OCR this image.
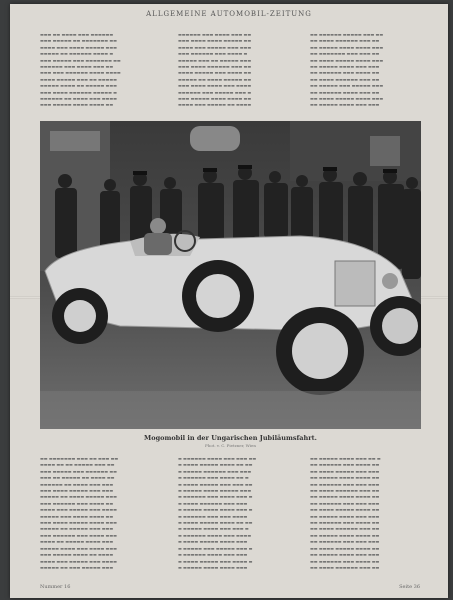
ALLGEMEINE AUTOMOBIL-ZEITUNG

▬▬▬ ▬▬ ▬▬▬▬ ▬▬▬ ▬▬▬▬▬▬

▬▬▬ ▬▬▬▬▬ ▬▬ ▬▬▬▬▬▬▬ ▬▬

▬▬▬▬ ▬▬▬ ▬▬▬▬ ▬▬▬▬▬ ▬▬▬

▬▬▬▬▬ ▬▬ ▬▬▬▬▬▬ ▬▬▬▬ ▬

▬▬▬ ▬▬▬▬▬ ▬▬▬ ▬▬▬▬▬▬▬ ▬▬

▬▬▬▬▬▬ ▬▬▬ ▬▬▬▬ ▬▬▬ ▬▬

▬▬▬ ▬▬▬ ▬▬▬▬▬▬ ▬▬▬▬ ▬▬▬▬

▬▬▬▬ ▬▬▬▬▬ ▬▬▬ ▬▬ ▬▬▬▬▬

▬▬▬▬▬ ▬▬▬▬ ▬▬ ▬▬▬▬▬ ▬▬▬

▬▬▬ ▬▬▬▬ ▬▬▬▬▬▬ ▬▬▬▬▬ ▬

▬▬▬▬▬▬ ▬▬ ▬▬▬▬ ▬▬▬ ▬▬▬▬

▬▬▬ ▬▬▬▬▬ ▬▬▬▬ ▬▬▬▬ ▬▬

▬▬▬▬▬▬ ▬▬▬ ▬▬▬▬ ▬▬▬ ▬▬

▬▬▬ ▬▬▬▬ ▬▬▬▬ ▬▬▬▬▬ ▬▬

▬▬▬▬ ▬▬▬ ▬▬▬▬▬ ▬▬▬ ▬▬▬

▬▬▬ ▬▬▬▬▬▬ ▬▬▬ ▬▬▬▬ ▬

▬▬▬▬▬ ▬▬▬ ▬▬ ▬▬▬▬▬ ▬▬▬

▬▬▬ ▬▬▬▬ ▬▬▬▬▬▬ ▬▬▬ ▬▬

▬▬▬▬ ▬▬▬▬▬ ▬▬▬ ▬▬▬▬ ▬▬

▬▬▬▬▬ ▬▬ ▬▬▬▬ ▬▬▬▬▬ ▬▬

▬▬▬ ▬▬▬▬ ▬▬▬▬ ▬▬▬ ▬▬▬▬

▬▬▬▬▬▬ ▬▬▬ ▬▬▬▬▬ ▬▬▬ ▬

▬▬▬ ▬▬▬▬▬ ▬▬▬▬ ▬▬▬▬ ▬▬

▬▬▬▬ ▬▬▬ ▬▬▬▬▬ ▬▬ ▬▬▬▬

▬▬ ▬▬▬▬▬▬ ▬▬▬▬▬ ▬▬▬ ▬▬

▬▬ ▬▬▬▬ ▬▬▬▬▬▬ ▬▬▬ ▬▬

▬▬ ▬▬▬▬▬ ▬▬▬▬ ▬▬▬▬ ▬▬▬

▬▬ ▬▬▬▬▬▬▬ ▬▬▬ ▬▬▬ ▬▬

▬▬ ▬▬▬▬ ▬▬▬▬▬ ▬▬▬▬ ▬▬▬

▬▬ ▬▬▬▬▬ ▬▬▬▬ ▬▬▬ ▬▬▬

▬▬ ▬▬▬▬▬▬ ▬▬▬ ▬▬▬▬ ▬▬

▬▬ ▬▬▬▬ ▬▬▬▬▬▬ ▬▬▬ ▬▬

▬▬ ▬▬▬▬▬ ▬▬▬ ▬▬▬▬▬ ▬▬▬

▬▬ ▬▬▬▬▬▬ ▬▬▬▬ ▬▬▬ ▬▬

▬▬ ▬▬▬▬ ▬▬▬▬▬ ▬▬▬▬ ▬▬▬

▬▬ ▬▬▬▬▬ ▬▬▬▬ ▬▬▬ ▬▬▬

Mogomobil in der Ungarischen Jubiläumsfahrt.
Phot. v. C. Pietzner, Wien

▬▬ ▬▬▬▬▬▬▬ ▬▬▬ ▬▬ ▬▬▬ ▬▬

▬▬▬▬ ▬▬ ▬▬ ▬▬▬▬▬ ▬▬▬ ▬▬

▬▬▬ ▬▬▬▬▬ ▬▬▬ ▬▬▬▬▬▬ ▬▬

▬▬▬ ▬▬ ▬▬▬▬▬ ▬▬ ▬▬▬▬ ▬▬

▬▬▬▬▬▬ ▬▬ ▬▬▬▬ ▬▬▬ ▬▬▬

▬▬▬ ▬▬▬▬ ▬▬▬▬▬ ▬▬▬ ▬▬▬

▬▬▬▬▬ ▬▬ ▬▬▬▬ ▬▬▬▬▬ ▬▬▬

▬▬▬ ▬▬▬▬▬▬ ▬▬▬ ▬▬▬▬ ▬▬

▬▬▬▬ ▬▬▬ ▬▬▬▬▬ ▬▬▬ ▬▬▬▬

▬▬▬▬▬ ▬▬▬ ▬▬▬▬ ▬▬▬▬ ▬▬

▬▬▬ ▬▬▬▬ ▬▬▬▬▬ ▬▬▬▬ ▬▬▬

▬▬▬▬▬ ▬▬ ▬▬▬▬▬ ▬▬▬ ▬▬▬

▬▬▬ ▬▬▬▬▬▬ ▬▬▬ ▬▬▬▬ ▬▬▬

▬▬▬▬ ▬▬ ▬▬▬▬▬ ▬▬▬▬ ▬▬▬

▬▬▬▬▬ ▬▬▬▬ ▬▬▬ ▬▬▬▬ ▬▬▬

▬▬▬ ▬▬▬▬▬ ▬▬▬▬ ▬▬ ▬▬▬▬

▬▬▬▬ ▬▬▬ ▬▬▬▬▬ ▬▬▬ ▬▬▬▬

▬▬▬▬▬ ▬▬ ▬▬▬ ▬▬▬▬▬ ▬▬▬

▬ ▬▬▬▬▬▬ ▬▬▬▬ ▬▬▬ ▬▬▬ ▬▬

▬ ▬▬▬▬ ▬▬▬▬▬ ▬▬▬▬ ▬▬ ▬▬

▬ ▬▬▬▬▬ ▬▬▬▬▬▬ ▬▬▬ ▬▬▬

▬ ▬▬▬▬▬▬ ▬▬▬ ▬▬▬▬ ▬▬ ▬

▬ ▬▬▬▬ ▬▬▬▬▬ ▬▬▬ ▬▬▬ ▬▬

▬ ▬▬▬▬▬ ▬▬▬▬ ▬▬▬▬▬ ▬▬▬

▬ ▬▬▬▬▬▬ ▬▬▬ ▬▬▬▬ ▬▬▬ ▬

▬ ▬▬▬▬ ▬▬▬▬▬▬ ▬▬▬ ▬▬▬

▬ ▬▬▬▬▬ ▬▬▬▬ ▬▬▬▬ ▬▬▬ ▬

▬ ▬▬▬▬▬▬ ▬▬▬ ▬▬▬ ▬▬▬▬

▬ ▬▬▬▬ ▬▬▬▬▬ ▬▬▬▬ ▬▬ ▬▬

▬ ▬▬▬▬▬ ▬▬▬▬ ▬▬▬ ▬▬▬ ▬

▬ ▬▬▬▬▬▬ ▬▬▬▬ ▬▬▬ ▬▬▬▬

▬ ▬▬▬▬ ▬▬▬▬▬ ▬▬▬▬ ▬▬▬

▬ ▬▬▬▬▬ ▬▬▬ ▬▬▬▬▬ ▬▬▬ ▬

▬ ▬▬▬▬▬▬ ▬▬▬▬ ▬▬▬ ▬▬▬

▬ ▬▬▬▬ ▬▬▬▬▬ ▬▬▬ ▬▬▬▬ ▬

▬ ▬▬▬▬▬ ▬▬▬▬ ▬▬▬▬ ▬▬▬

▬▬ ▬▬▬▬▬ ▬▬▬▬ ▬▬▬ ▬▬ ▬

▬▬ ▬▬▬▬▬▬ ▬▬▬ ▬▬▬▬ ▬▬

▬▬ ▬▬▬▬ ▬▬▬▬▬ ▬▬▬ ▬▬▬

▬▬ ▬▬▬▬▬ ▬▬▬▬ ▬▬▬▬ ▬▬

▬▬ ▬▬▬▬▬▬ ▬▬▬ ▬▬▬ ▬▬▬

▬▬ ▬▬▬▬ ▬▬▬▬▬▬ ▬▬▬ ▬▬

▬▬ ▬▬▬▬▬ ▬▬▬▬ ▬▬▬▬ ▬▬

▬▬ ▬▬▬▬▬▬ ▬▬▬ ▬▬▬ ▬▬▬

▬▬ ▬▬▬▬ ▬▬▬▬▬ ▬▬▬▬ ▬▬

▬▬ ▬▬▬▬▬ ▬▬▬▬ ▬▬▬ ▬▬▬

▬▬ ▬▬▬▬▬▬ ▬▬▬ ▬▬▬▬ ▬▬

▬▬ ▬▬▬▬ ▬▬▬▬▬▬ ▬▬▬ ▬▬

▬▬ ▬▬▬▬▬ ▬▬▬▬ ▬▬▬▬ ▬▬

▬▬ ▬▬▬▬▬▬ ▬▬▬ ▬▬▬ ▬▬▬

▬▬ ▬▬▬▬ ▬▬▬▬▬ ▬▬▬▬ ▬▬

▬▬ ▬▬▬▬▬ ▬▬▬▬ ▬▬▬ ▬▬▬

▬▬ ▬▬▬▬▬▬ ▬▬▬ ▬▬▬▬ ▬▬

▬▬ ▬▬▬▬ ▬▬▬▬▬▬ ▬▬▬ ▬▬

Nummer 16	Seite 36
